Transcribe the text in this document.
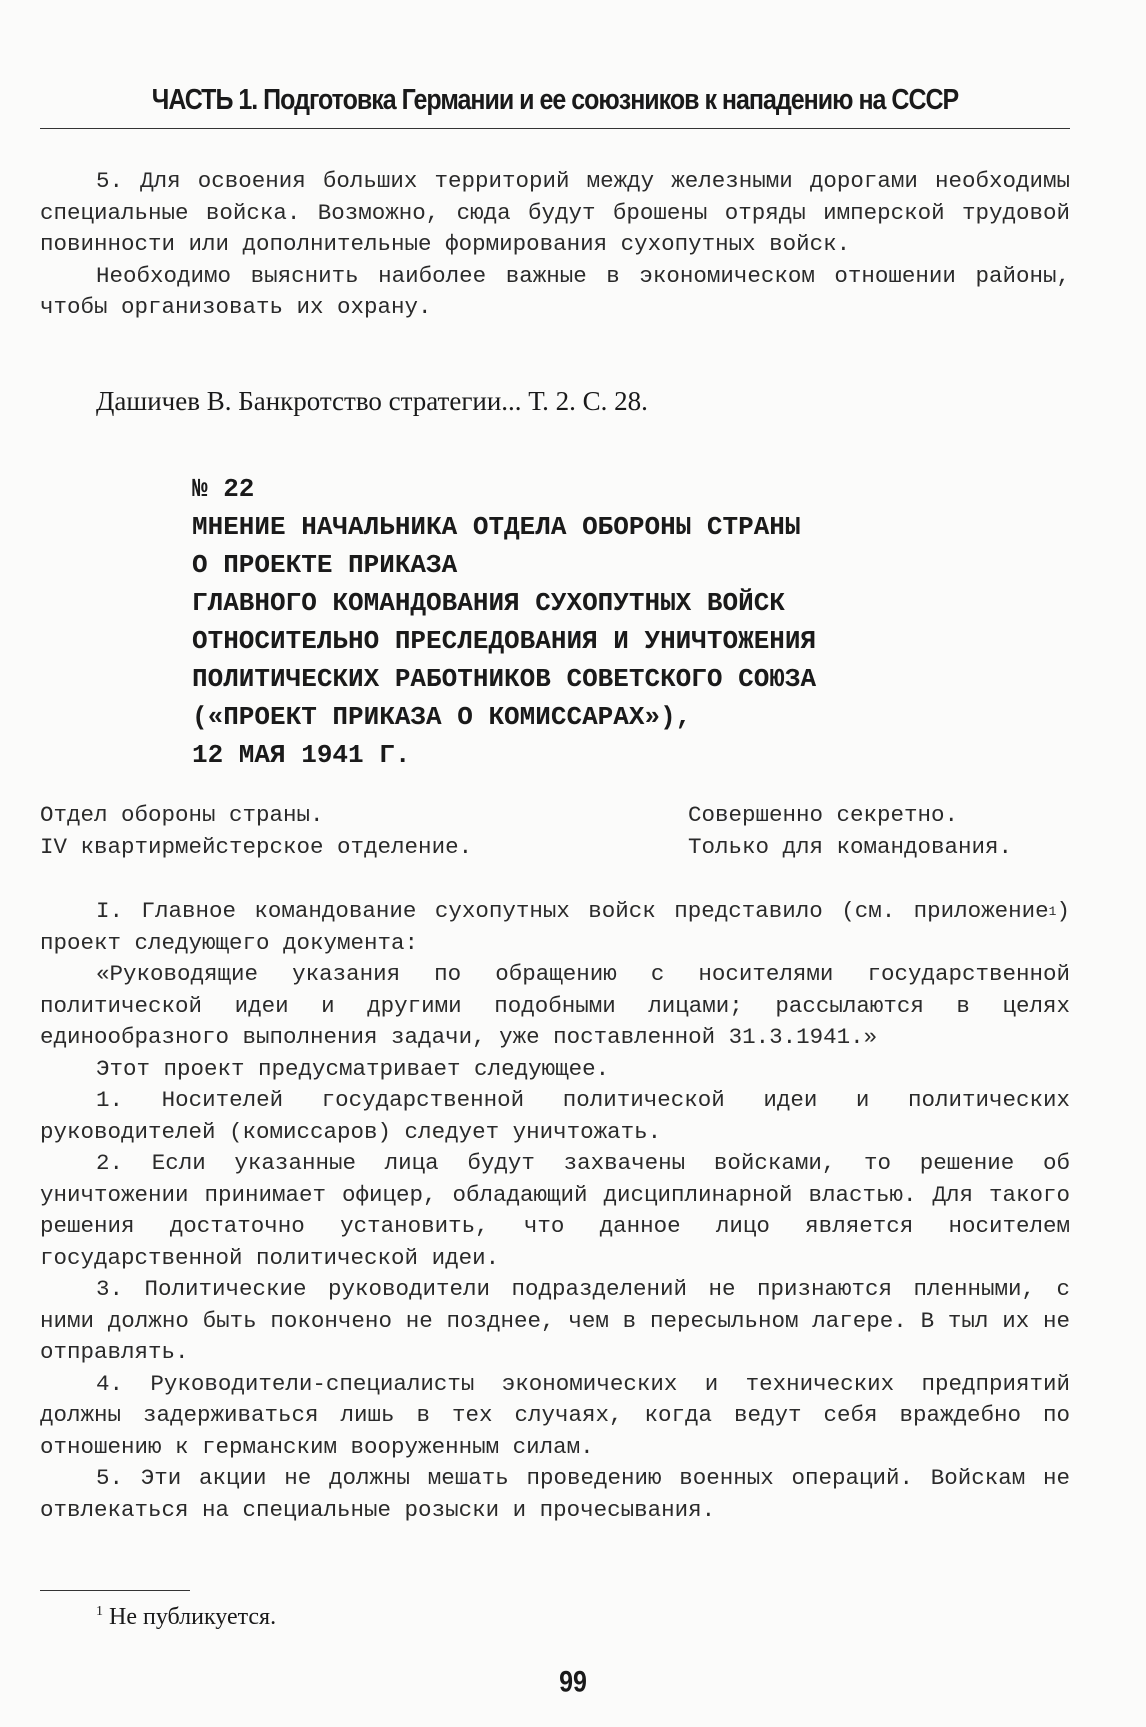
ЧАСТЬ 1. Подготовка Германии и ее союзников к нападению на СССР

5. Для освоения больших территорий между железными дорогами необходимы специальные войска. Возможно, сюда будут брошены отряды имперской трудовой повинности или дополнительные формирования сухопутных войск.

Необходимо выяснить наиболее важные в экономическом отношении районы, чтобы организовать их охрану.

Дашичев В. Банкротство стратегии... Т. 2. С. 28.
№ 22
МНЕНИЕ НАЧАЛЬНИКА ОТДЕЛА ОБОРОНЫ СТРАНЫ
О ПРОЕКТЕ ПРИКАЗА
ГЛАВНОГО КОМАНДОВАНИЯ СУХОПУТНЫХ ВОЙСК
ОТНОСИТЕЛЬНО ПРЕСЛЕДОВАНИЯ И УНИЧТОЖЕНИЯ
ПОЛИТИЧЕСКИХ РАБОТНИКОВ СОВЕТСКОГО СОЮЗА
(«ПРОЕКТ ПРИКАЗА О КОМИССАРАХ»),
12 МАЯ 1941 Г.
Отдел обороны страны.
IV квартирмейстерское отделение.
Совершенно секретно.
Только для командования.

I. Главное командование сухопутных войск представило (см. приложение$^1$) проект следующего документа:

«Руководящие указания по обращению с носителями государственной политической идеи и другими подобными лицами; рассылаются в целях единообразного выполнения задачи, уже поставленной 31.3.1941.»

Этот проект предусматривает следующее.

1. Носителей государственной политической идеи и политических руководителей (комиссаров) следует уничтожать.

2. Если указанные лица будут захвачены войсками, то решение об уничтожении принимает офицер, обладающий дисциплинарной властью. Для такого решения достаточно установить, что данное лицо является носителем государственной политической идеи.

3. Политические руководители подразделений не признаются пленными, с ними должно быть покончено не позднее, чем в пересыльном лагере. В тыл их не отправлять.

4. Руководители-специалисты экономических и технических предприятий должны задерживаться лишь в тех случаях, когда ведут себя враждебно по отношению к германским вооруженным силам.

5. Эти акции не должны мешать проведению военных операций. Войскам не отвлекаться на специальные розыски и прочесывания.

$^1$ Не публикуется.
99
